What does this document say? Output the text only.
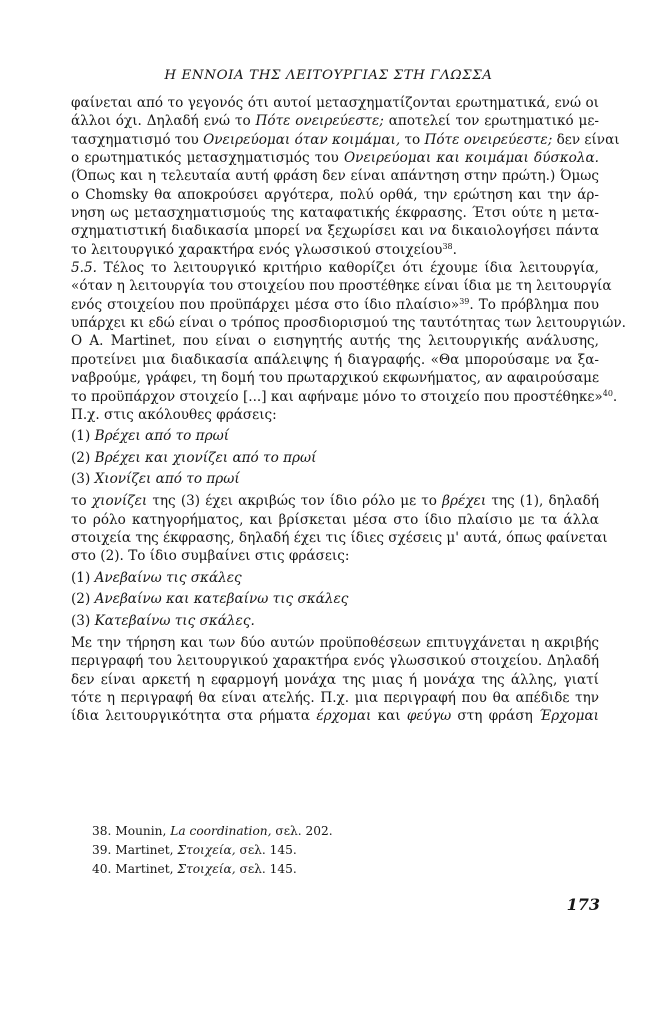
Η ΕΝΝΟΙΑ ΤΗΣ ΛΕΙΤΟΥΡΓΙΑΣ ΣΤΗ ΓΛΩΣΣΑ
φαίνεται από το γεγονός ότι αυτοί μετασχηματίζονται ερωτηματικά, ενώ οι
άλλοι όχι. Δηλαδή ενώ το Πότε ονειρεύεστε; αποτελεί τον ερωτηματικό με-
τασχηματισμό του Ονειρεύομαι όταν κοιμάμαι, το Πότε ονειρεύεστε; δεν είναι
ο ερωτηματικός μετασχηματισμός του Ονειρεύομαι και κοιμάμαι δύσκολα.
(Όπως και η τελευταία αυτή φράση δεν είναι απάντηση στην πρώτη.) Όμως
ο Chomsky θα αποκρούσει αργότερα, πολύ ορθά, την ερώτηση και την άρ-
νηση ως μετασχηματισμούς της καταφατικής έκφρασης. Έτσι ούτε η μετα-
σχηματιστική διαδικασία μπορεί να ξεχωρίσει και να δικαιολογήσει πάντα
το λειτουργικό χαρακτήρα ενός γλωσσικού στοιχείου$^{38}$.
5.5. Τέλος το λειτουργικό κριτήριο καθορίζει ότι έχουμε ίδια λειτουργία,
«όταν η λειτουργία του στοιχείου που προστέθηκε είναι ίδια με τη λειτουργία
ενός στοιχείου που προϋπάρχει μέσα στο ίδιο πλαίσιο»$^{39}$. Το πρόβλημα που
υπάρχει κι εδώ είναι ο τρόπος προσδιορισμού της ταυτότητας των λειτουργιών.
Ο A. Martinet, που είναι ο εισηγητής αυτής της λειτουργικής ανάλυσης,
προτείνει μια διαδικασία απάλειψης ή διαγραφής. «Θα μπορούσαμε να ξα-
ναβρούμε, γράφει, τη δομή του πρωταρχικού εκφωνήματος, αν αφαιρούσαμε
το προϋπάρχον στοιχείο [...] και αφήναμε μόνο το στοιχείο που προστέθηκε»$^{40}$.
Π.χ. στις ακόλουθες φράσεις:
(1) Βρέχει από το πρωί
(2) Βρέχει και χιονίζει από το πρωί
(3) Χιονίζει από το πρωί
το χιονίζει της (3) έχει ακριβώς τον ίδιο ρόλο με το βρέχει της (1), δηλαδή
το ρόλο κατηγορήματος, και βρίσκεται μέσα στο ίδιο πλαίσιο με τα άλλα
στοιχεία της έκφρασης, δηλαδή έχει τις ίδιες σχέσεις μ' αυτά, όπως φαίνεται
στο (2). Το ίδιο συμβαίνει στις φράσεις:
(1) Ανεβαίνω τις σκάλες
(2) Ανεβαίνω και κατεβαίνω τις σκάλες
(3) Κατεβαίνω τις σκάλες.
Με την τήρηση και των δύο αυτών προϋποθέσεων επιτυγχάνεται η ακριβής
περιγραφή του λειτουργικού χαρακτήρα ενός γλωσσικού στοιχείου. Δηλαδή
δεν είναι αρκετή η εφαρμογή μονάχα της μιας ή μονάχα της άλλης, γιατί
τότε η περιγραφή θα είναι ατελής. Π.χ. μια περιγραφή που θα απέδιδε την
ίδια λειτουργικότητα στα ρήματα έρχομαι και φεύγω στη φράση Έρχομαι
38. Mounin, La coordination, σελ. 202.
39. Martinet, Στοιχεία, σελ. 145.
40. Martinet, Στοιχεία, σελ. 145.
173
